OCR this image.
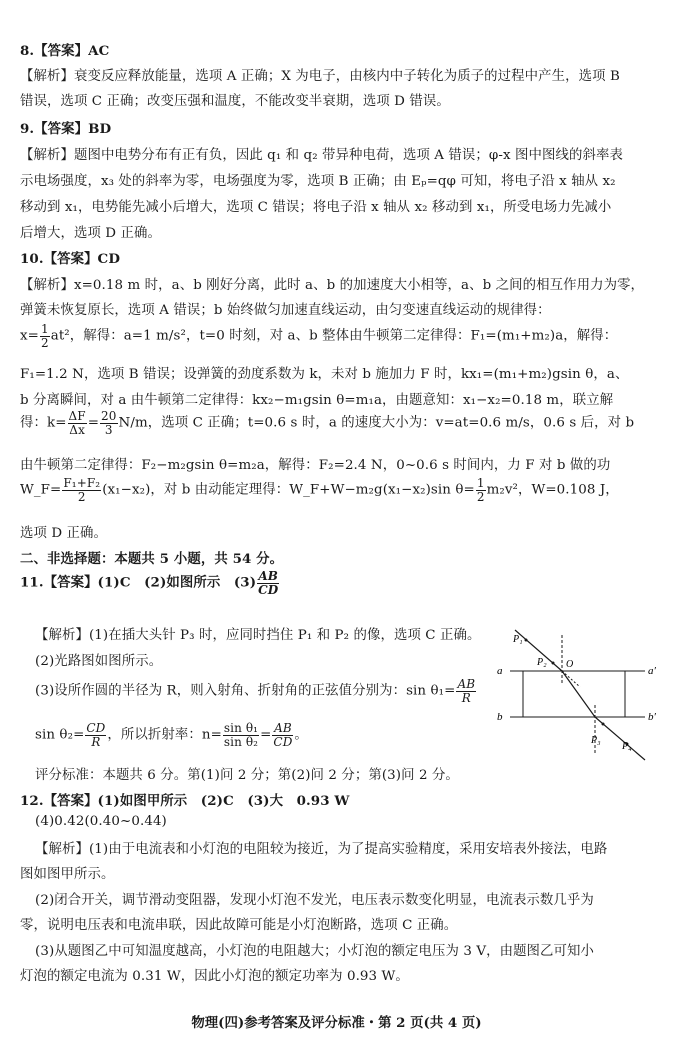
8.【答案】AC
【解析】衰变反应释放能量，选项 A 正确；X 为电子，由核内中子转化为质子的过程中产生，选项 B
错误，选项 C 正确；改变压强和温度，不能改变半衰期，选项 D 错误。
9.【答案】BD
【解析】题图中电势分布有正有负，因此 q₁ 和 q₂ 带异种电荷，选项 A 错误；φ-x 图中图线的斜率表
示电场强度，x₃ 处的斜率为零，电场强度为零，选项 B 正确；由 Eₚ=qφ 可知，将电子沿 x 轴从 x₂
移动到 x₁，电势能先减小后增大，选项 C 错误；将电子沿 x 轴从 x₂ 移动到 x₁，所受电场力先减小
后增大，选项 D 正确。
10.【答案】CD
【解析】x=0.18 m 时，a、b 刚好分离，此时 a、b 的加速度大小相等，a、b 之间的相互作用力为零，
弹簧未恢复原长，选项 A 错误；b 始终做匀加速直线运动，由匀变速直线运动的规律得：
$x= \frac{1}{2} at^2$，解得：a=1 m/s²，t=0 时刻，对 a、b 整体由牛顿第二定律得：F₁=(m₁+m₂)a，解得：
F₁=1.2 N，选项 B 错误；设弹簧的劲度系数为 k，未对 b 施加力 F 时，kx₁=(m₁+m₂)gsin θ，a、
b 分离瞬间，对 a 由牛顿第二定律得：kx₂−m₁gsin θ=m₁a，由题意知：x₁−x₂=0.18 m，联立解
得：$k= \frac{\Delta F}{\Delta x} = \frac{20}{3} N/m$，选项 C 正确；t=0.6 s 时，a 的速度大小为：v=at=0.6 m/s，0.6 s 后，对 b
由牛顿第二定律得：F₂−m₂gsin θ=m₂a，解得：F₂=2.4 N，0~0.6 s 时间内，力 F 对 b 做的功
W_F= $\frac{\text{F₁+F₂}}{2} (x_1-x_2)$，对 b 由动能定理得：W_F+W−m₂g(x₁−x₂)sin $\theta= \frac{1}{2} m_2v^2$，W=0.108 J，
选项 D 正确。
二、非选择题：本题共 5 小题，共 54 分。
11.【答案】(1)C　(2)如图所示　$(3) \frac{AB}{CD}$
【解析】(1)在插大头针 P₃ 时，应同时挡住 P₁ 和 P₂ 的像，选项 C 正确。
(2)光路图如图所示。
(3)设所作圆的半径为 R，则入射角、折射角的正弦值分别为：$\sin \theta_1= \frac{AB}{R}$
$\sin \theta_2= \frac{CD}{R}$ ，所以折射率：$n= \frac{\text{sin θ₁}}{\text{sin θ₂}} = \frac{AB}{CD}$ 。
评分标准：本题共 6 分。第(1)问 2 分；第(2)问 2 分；第(3)问 2 分。
12.【答案】(1)如图甲所示　(2)C　(3)大　0.93 W
(4)0.42(0.40~0.44)
【解析】(1)由于电流表和小灯泡的电阻较为接近，为了提高实验精度，采用安培表外接法，电路
图如图甲所示。
(2)闭合开关，调节滑动变阻器，发现小灯泡不发光，电压表示数变化明显，电流表示数几乎为
零，说明电压表和电流串联，因此故障可能是小灯泡断路，选项 C 正确。
(3)从题图乙中可知温度越高，小灯泡的电阻越大；小灯泡的额定电压为 3 V，由题图乙可知小
灯泡的额定电流为 0.31 W，因此小灯泡的额定功率为 0.93 W。
P₁
P₂ O
P₃
P₄
a	a′
b	b′
物理(四)参考答案及评分标准・第 2 页(共 4 页)
